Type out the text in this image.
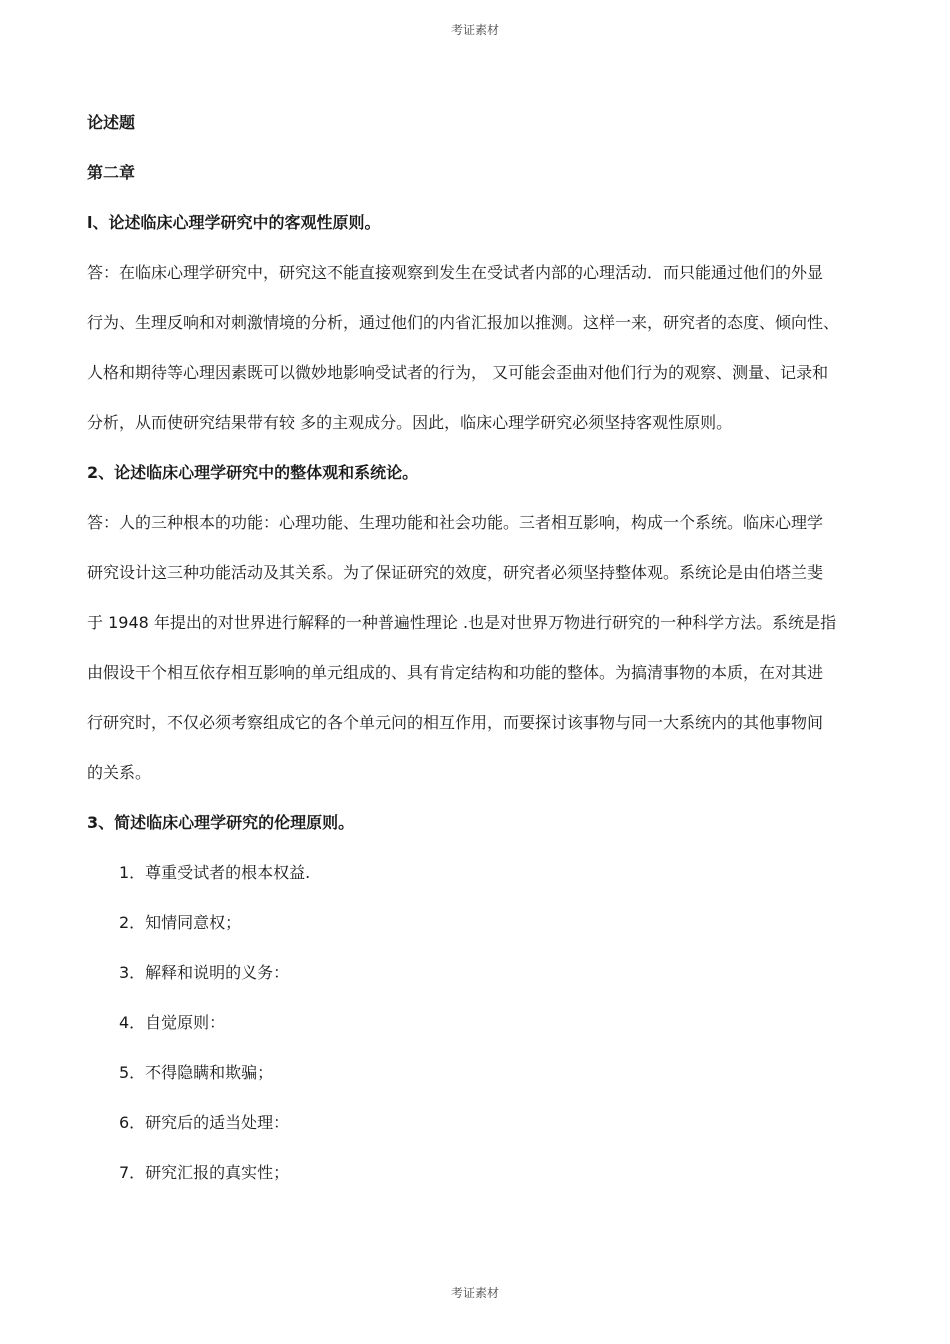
考证素材
论述题
第二章
l、论述临床心理学研究中的客观性原则。
答：在临床心理学研究中，研究这不能直接观察到发生在受试者内部的心理活动．而只能通过他们的外显
行为、生理反响和对刺激情境的分析，通过他们的内省汇报加以推测。这样一来，研究者的态度、倾向性、
人格和期待等心理因素既可以微妙地影响受试者的行为， 又可能会歪曲对他们行为的观察、测量、记录和
分析，从而使研究结果带有较 多的主观成分。因此，临床心理学研究必须坚持客观性原则。
2、论述临床心理学研究中的整体观和系统论。
答：人的三种根本的功能：心理功能、生理功能和社会功能。三者相互影响，构成一个系统。临床心理学
研究设计这三种功能活动及其关系。为了保证研究的效度，研究者必须坚持整体观。系统论是由伯塔兰斐
于 1948 年提出的对世界进行解释的一种普遍性理论 .也是对世界万物进行研究的一种科学方法。系统是指
由假设干个相互依存相互影响的单元组成的、具有肯定结构和功能的整体。为搞清事物的本质，在对其进
行研究时，不仅必须考察组成它的各个单元问的相互作用，而要探讨该事物与同一大系统内的其他事物间
的关系。
3、简述临床心理学研究的伦理原则。
1．尊重受试者的根本权益.
2．知情同意权；
3．解释和说明的义务：
4．自觉原则：
5．不得隐瞒和欺骗；
6．研究后的适当处理：
7．研究汇报的真实性；
考证素材
